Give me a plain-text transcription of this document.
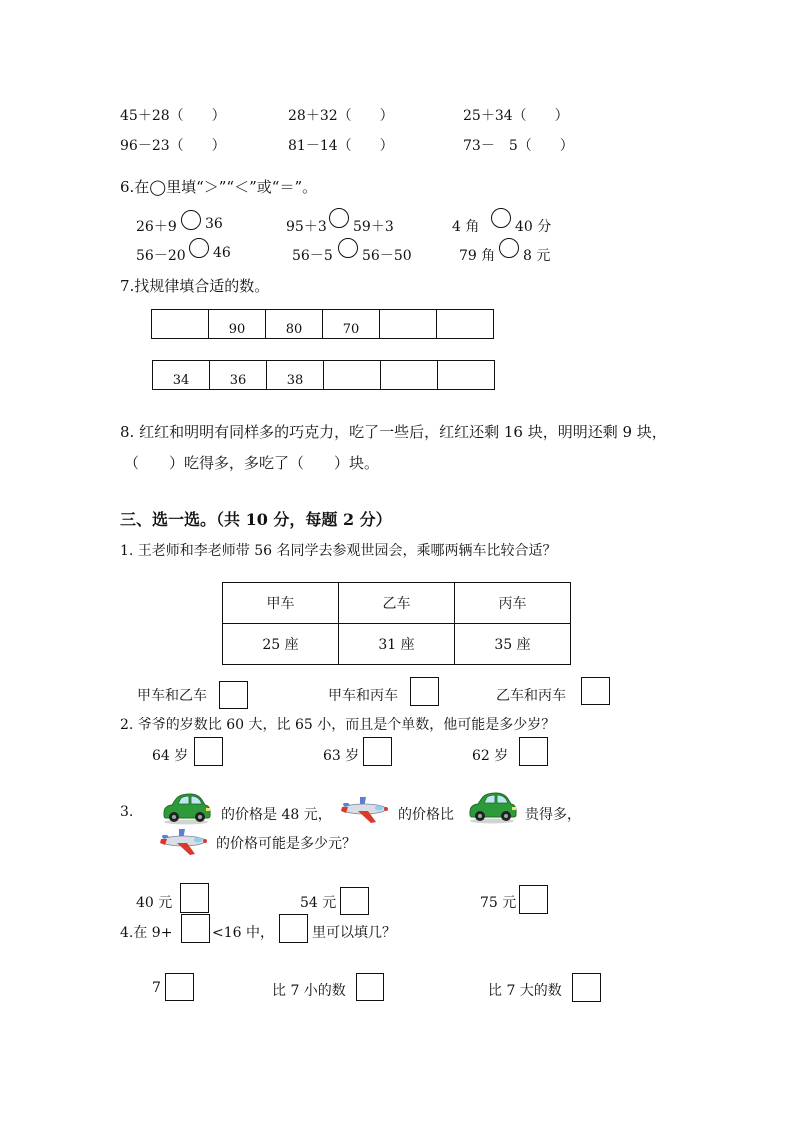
45＋28（　　）	28＋32（　　）	25＋34（　　）
96－23（　　）	81－14（　　）	73－　5（　　）
6.在◯里填“＞”“＜”或“＝”。
26＋9 36	95＋3 59＋3	4 角	40 分
56－20 46	56－5 56－50	79 角 8 元
7.找规律填合适的数。
	90	80	70		
34	36	38			
8. 红红和明明有同样多的巧克力，吃了一些后，红红还剩 16 块，明明还剩 9 块，
（　　）吃得多，多吃了（　　）块。
三、选一选。（共 10 分，每题 2 分）
1. 王老师和李老师带 56 名同学去参观世园会，乘哪两辆车比较合适？
甲车	乙车	丙车
25 座	31 座	35 座
甲车和乙车	甲车和丙车	乙车和丙车
2. 爷爷的岁数比 60 大，比 65 小，而且是个单数，他可能是多少岁？
64 岁	63 岁	62 岁
3.	的价格是 48 元，	的价格比	贵得多，
的价格可能是多少元？
40 元	54 元	75 元
4.在 9+	<16 中，	里可以填几？
7	比 7 小的数	比 7 大的数
